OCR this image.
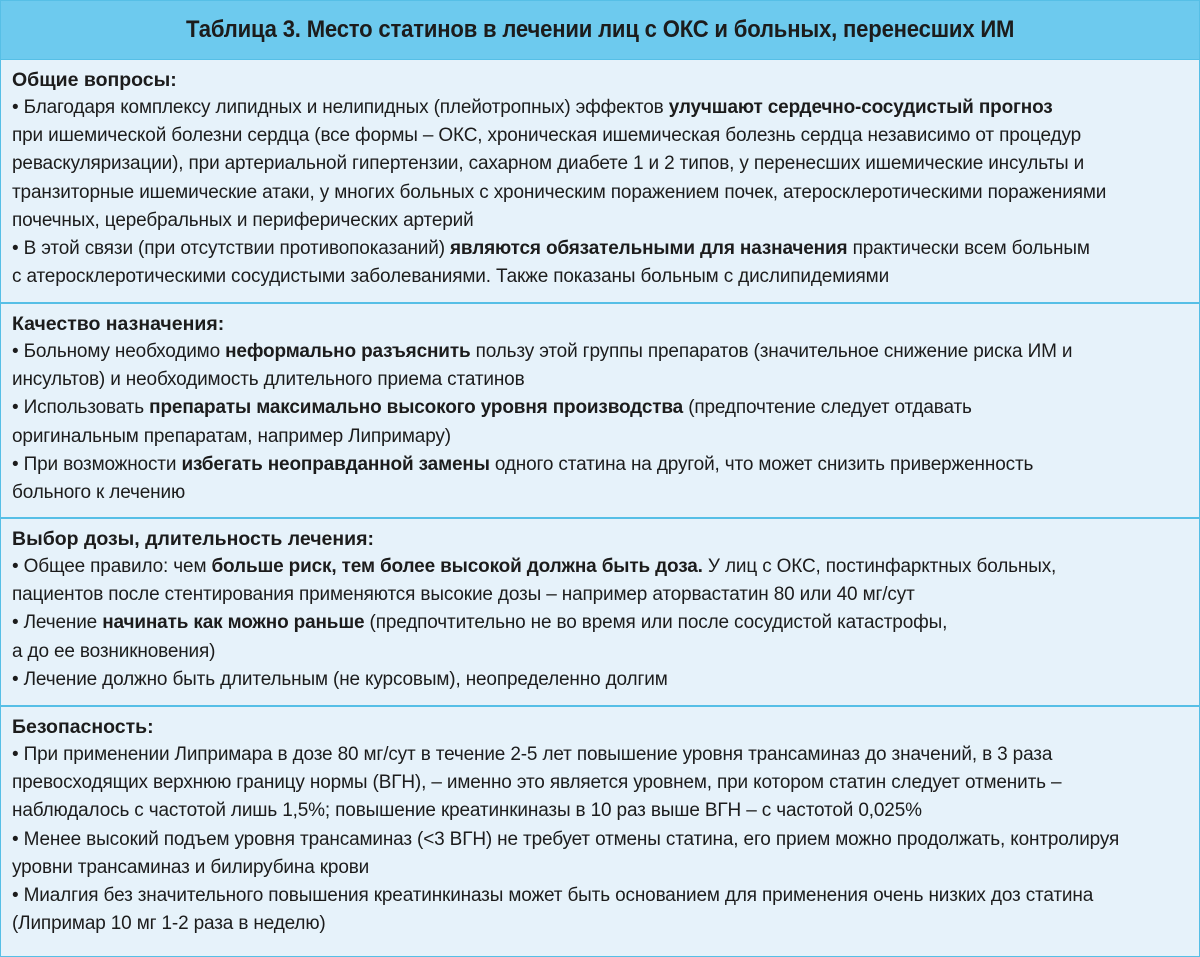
Таблица 3. Место статинов в лечении лиц с ОКС и больных, перенесших ИМ
Общие вопросы:
• Благодаря комплексу липидных и нелипидных (плейотропных) эффектов улучшают сердечно-сосудистый прогноз
при ишемической болезни сердца (все формы – ОКС, хроническая ишемическая болезнь сердца независимо от процедур
реваскуляризации), при артериальной гипертензии, сахарном диабете 1 и 2 типов, у перенесших ишемические инсульты и
транзиторные ишемические атаки, у многих больных с хроническим поражением почек, атеросклеротическими поражениями
почечных, церебральных и периферических артерий
• В этой связи (при отсутствии противопоказаний) являются обязательными для назначения практически всем больным
с атеросклеротическими сосудистыми заболеваниями. Также показаны больным с дислипидемиями
Качество назначения:
• Больному необходимо неформально разъяснить пользу этой группы препаратов (значительное снижение риска ИМ и
инсультов) и необходимость длительного приема статинов
• Использовать препараты максимально высокого уровня производства (предпочтение следует отдавать
оригинальным препаратам, например Липримару)
• При возможности избегать неоправданной замены одного статина на другой, что может снизить приверженность
больного к лечению
Выбор дозы, длительность лечения:
• Общее правило: чем больше риск, тем более высокой должна быть доза. У лиц с ОКС, постинфарктных больных,
пациентов после стентирования применяются высокие дозы – например аторвастатин 80 или 40 мг/сут
• Лечение начинать как можно раньше (предпочтительно не во время или после сосудистой катастрофы,
а до ее возникновения)
• Лечение должно быть длительным (не курсовым), неопределенно долгим
Безопасность:
• При применении Липримара в дозе 80 мг/сут в течение 2-5 лет повышение уровня трансаминаз до значений, в 3 раза
превосходящих верхнюю границу нормы (ВГН), – именно это является уровнем, при котором статин следует отменить –
наблюдалось с частотой лишь 1,5%; повышение креатинкиназы в 10 раз выше ВГН – с частотой 0,025%
• Менее высокий подъем уровня трансаминаз (<3 ВГН) не требует отмены статина, его прием можно продолжать, контролируя
уровни трансаминаз и билирубина крови
• Миалгия без значительного повышения креатинкиназы может быть основанием для применения очень низких доз статина
(Липримар 10 мг 1-2 раза в неделю)
